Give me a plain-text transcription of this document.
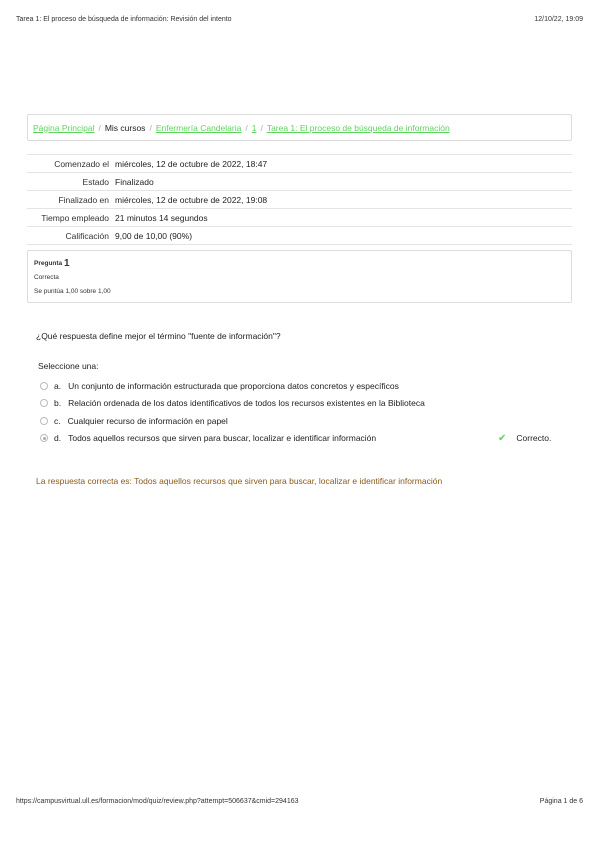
Tarea 1: El proceso de búsqueda de información: Revisión del intento	12/10/22, 19:09
Página Principal / Mis cursos / Enfermería Candelaria / 1 / Tarea 1: El proceso de búsqueda de información
Comenzado el	miércoles, 12 de octubre de 2022, 18:47
Estado	Finalizado
Finalizado en	miércoles, 12 de octubre de 2022, 19:08
Tiempo empleado	21 minutos 14 segundos
Calificación	9,00 de 10,00 (90%)
Pregunta
1
Correcta
Se puntúa 1,00 sobre 1,00
¿Qué respuesta define mejor el término "fuente de información"?
Seleccione una:
a. Un conjunto de información estructurada que proporciona datos concretos y específicos
b. Relación ordenada de los datos identificativos de todos los recursos existentes en la Biblioteca
c. Cualquier recurso de información en papel
d. Todos aquellos recursos que sirven para buscar, localizar e identificar información	✔ Correcto.
La respuesta correcta es: Todos aquellos recursos que sirven para buscar, localizar e identificar información
https://campusvirtual.ull.es/formacion/mod/quiz/review.php?attempt=506637&cmid=294163	Página 1 de 6
